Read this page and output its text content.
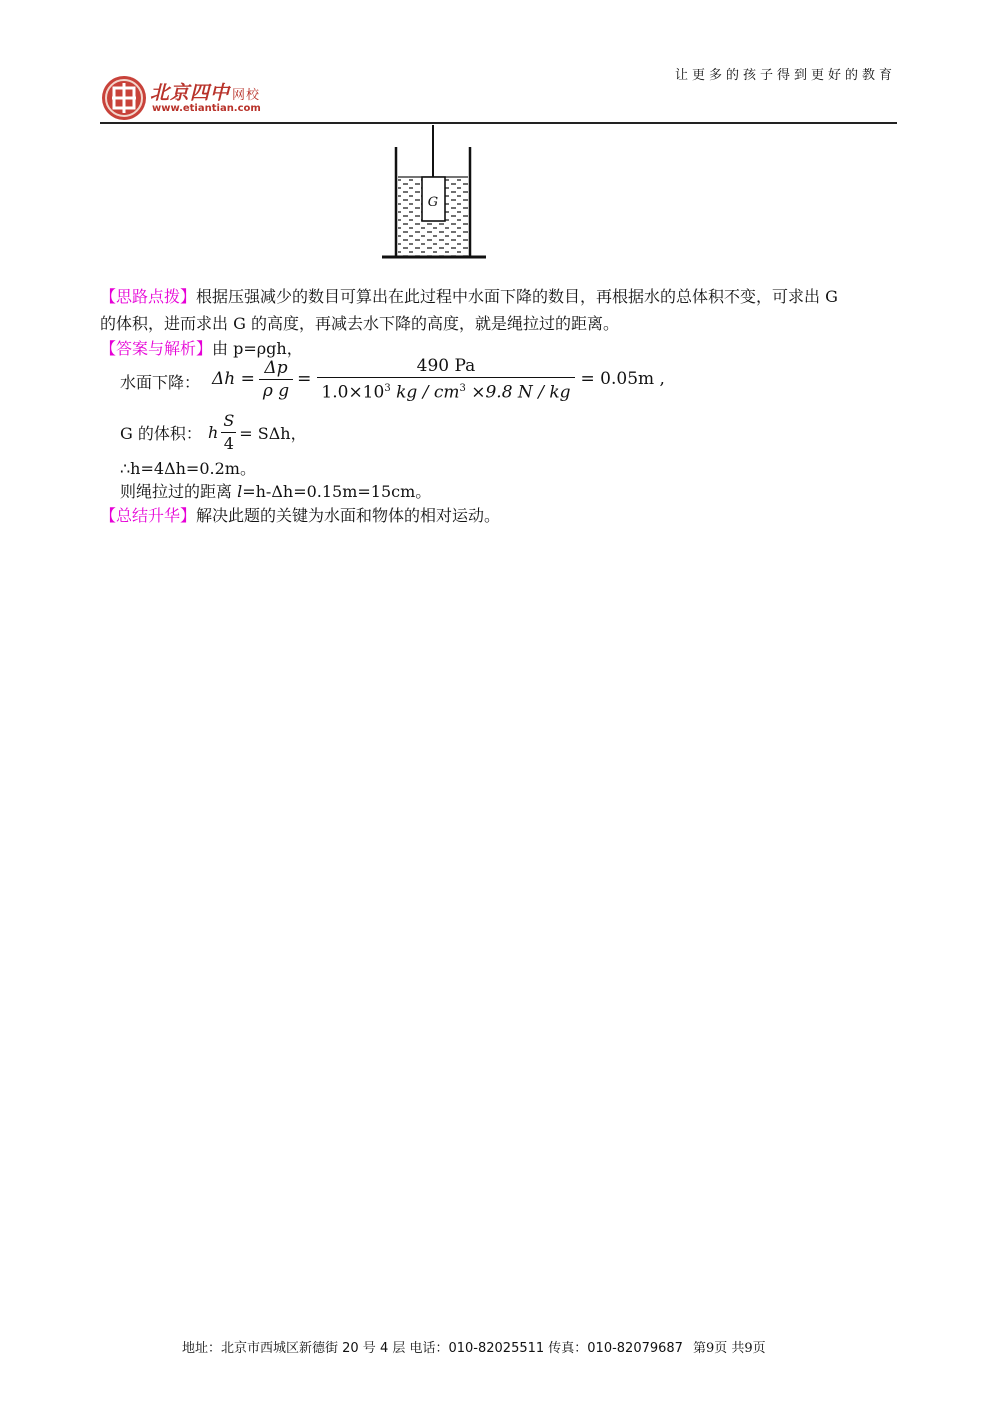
北京四中 网校
www.etiantian.com
让更多的孩子得到更好的教育
G
【思路点拨】根据压强减少的数目可算出在此过程中水面下降的数目，再根据水的总体积不变，可求出 G
的体积，进而求出 G 的高度，再减去水下降的高度，就是绳拉过的距离。
【答案与解析】由 p=ρgh，
水面下降： $\Delta h = \frac{\Delta p}{\text{ρ g}} = \frac{490 Pa}{1.0\times 10^3 kg / cm^3 \times 9.8 N / kg} = 0.05m$ ,
G 的体积： h $\frac{S}{4} = S\Delta h$，
∴h=4Δh=0.2m。
则绳拉过的距离 l=h-Δh=0.15m=15cm。
【总结升华】解决此题的关键为水面和物体的相对运动。
地址：北京市西城区新德街 20 号 4 层 电话：010-82025511 传真：010-82079687 第9页 共9页
